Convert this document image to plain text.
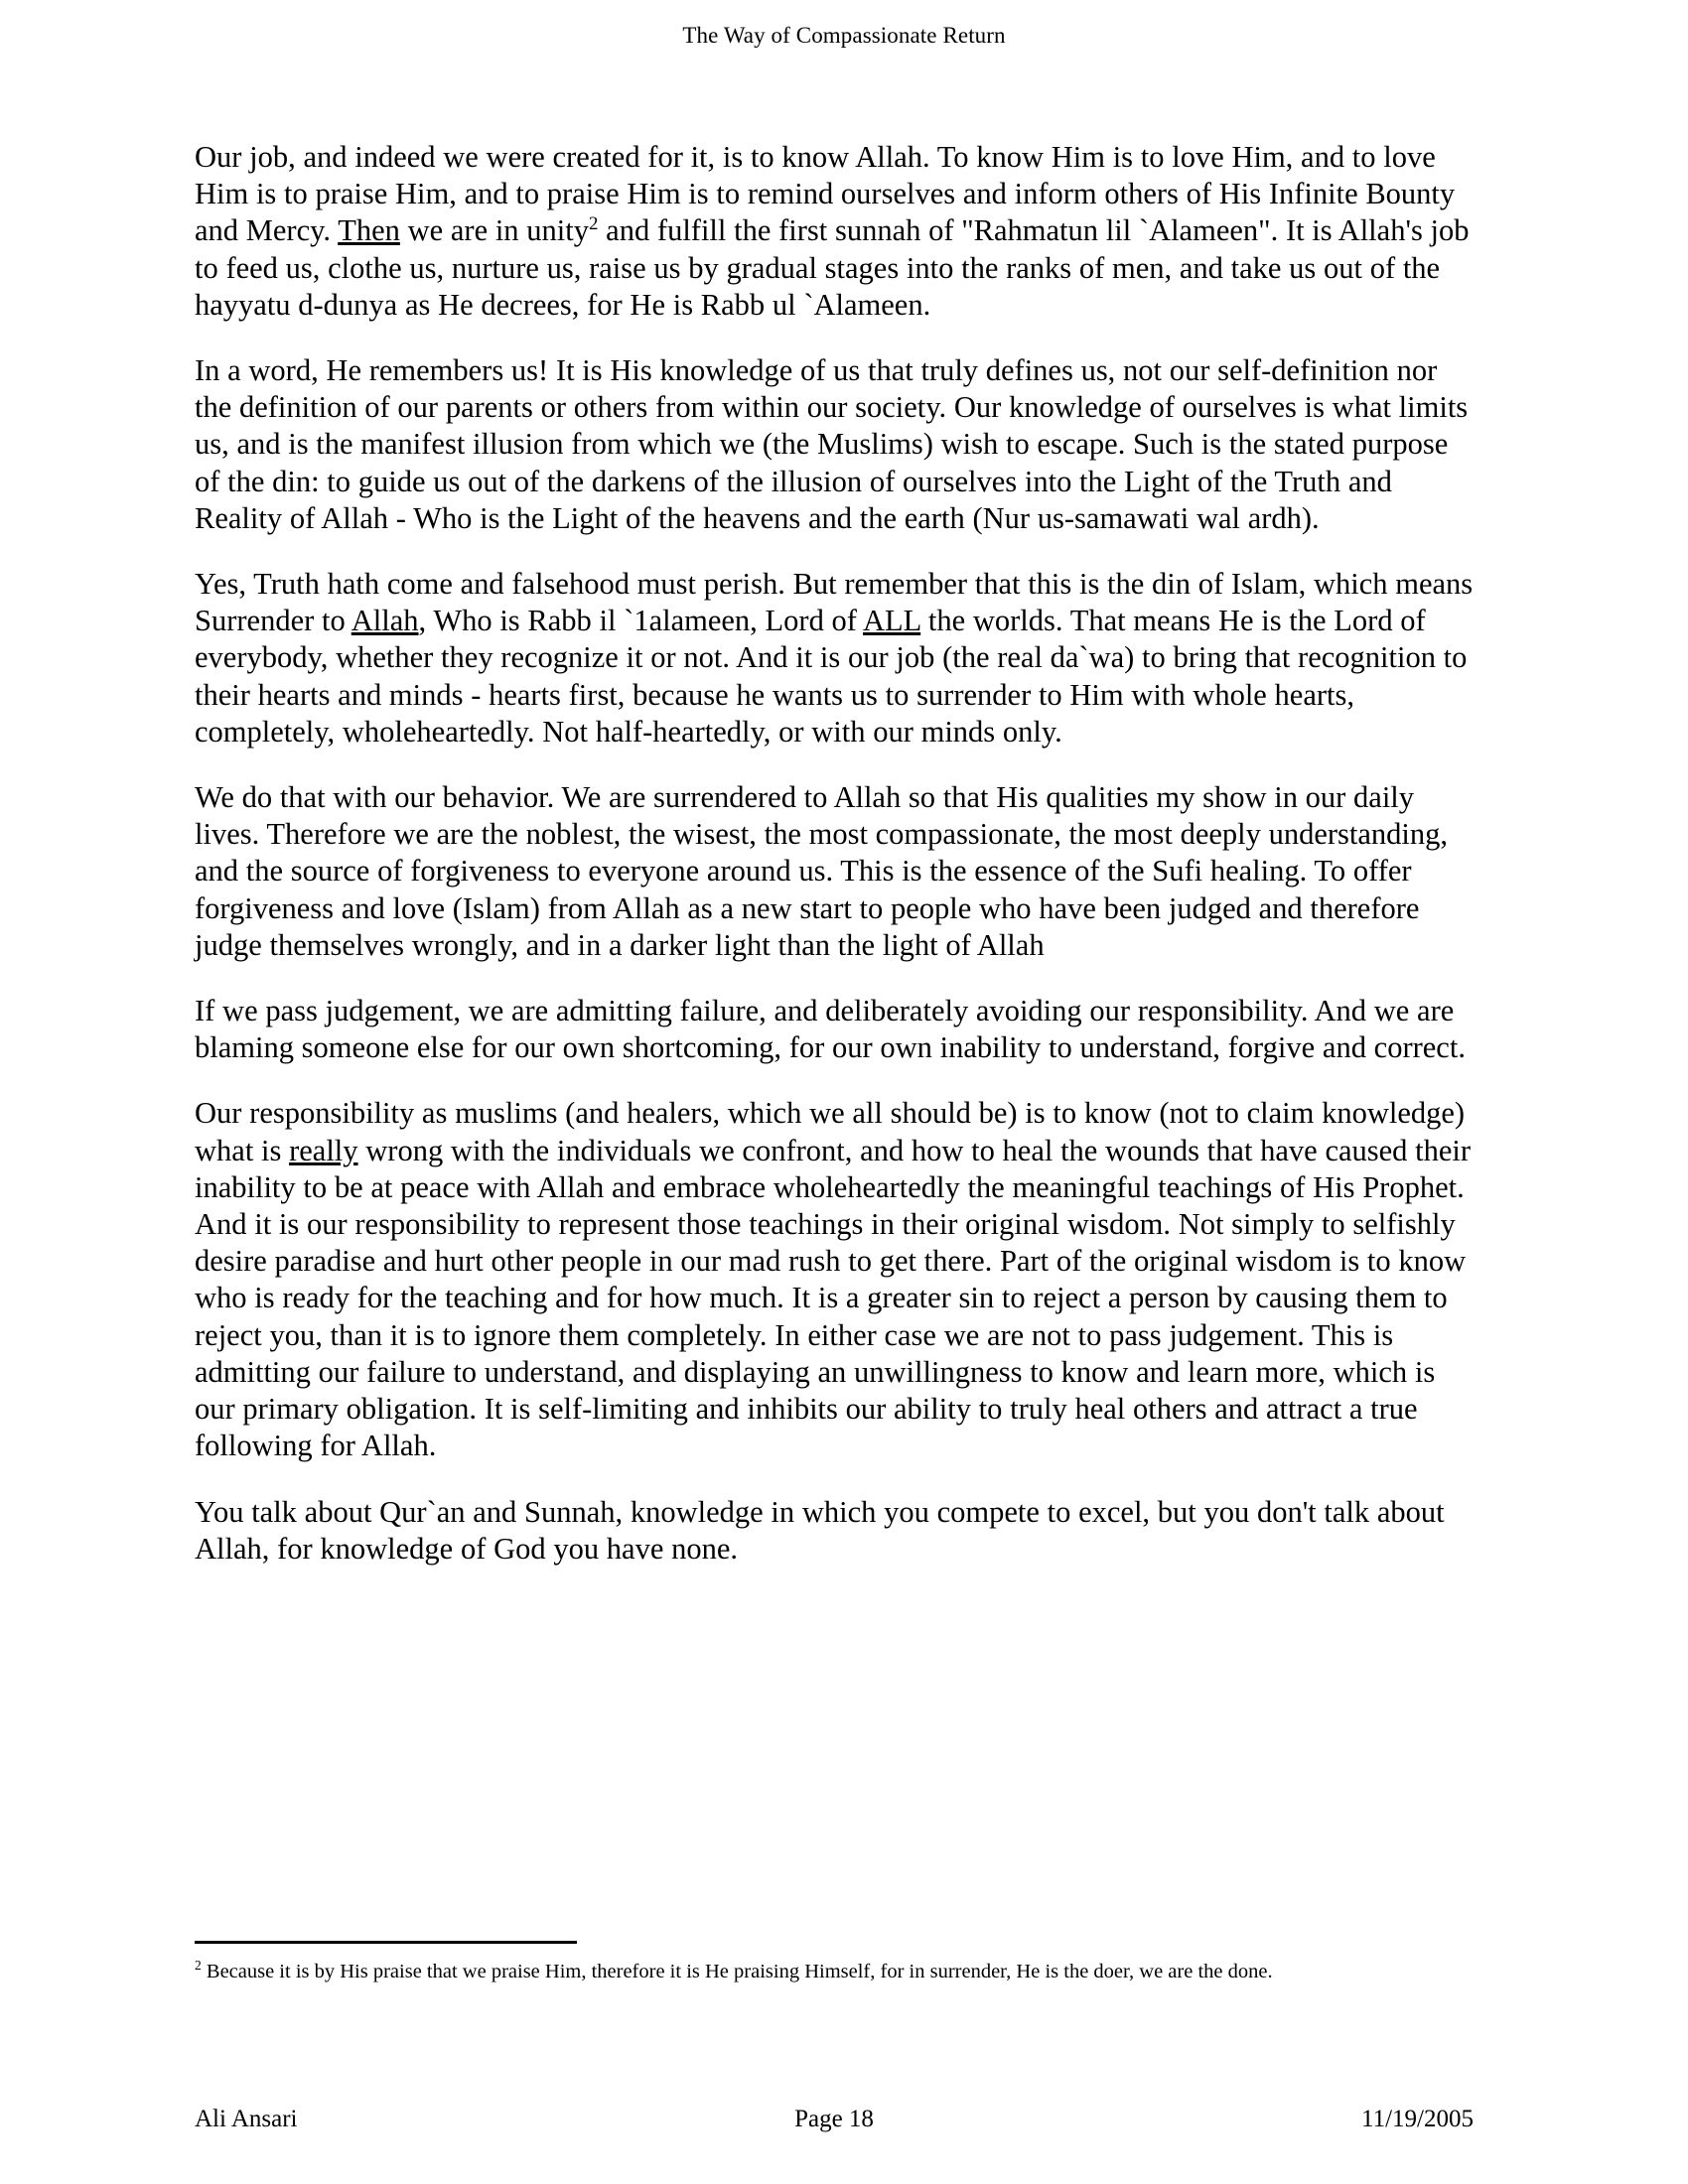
The Way of Compassionate Return

Our job, and indeed we were created for it, is to know Allah. To know Him is to love Him, and to love Him is to praise Him, and to praise Him is to remind ourselves and inform others of His Infinite Bounty and Mercy. Then we are in unity$^2$ and fulfill the first sunnah of "Rahmatun lil `Alameen". It is Allah's job to feed us, clothe us, nurture us, raise us by gradual stages into the ranks of men, and take us out of the hayyatu d-dunya as He decrees, for He is Rabb ul `Alameen.

In a word, He remembers us! It is His knowledge of us that truly defines us, not our self-definition nor the definition of our parents or others from within our society. Our knowledge of ourselves is what limits us, and is the manifest illusion from which we (the Muslims) wish to escape. Such is the stated purpose of the din: to guide us out of the darkens of the illusion of ourselves into the Light of the Truth and Reality of Allah - Who is the Light of the heavens and the earth (Nur us-samawati wal ardh).

Yes, Truth hath come and falsehood must perish. But remember that this is the din of Islam, which means Surrender to Allah, Who is Rabb il `1alameen, Lord of ALL the worlds. That means He is the Lord of everybody, whether they recognize it or not. And it is our job (the real da`wa) to bring that recognition to their hearts and minds - hearts first, because he wants us to surrender to Him with whole hearts, completely, wholeheartedly. Not half-heartedly, or with our minds only.

We do that with our behavior. We are surrendered to Allah so that His qualities my show in our daily lives. Therefore we are the noblest, the wisest, the most compassionate, the most deeply understanding, and the source of forgiveness to everyone around us. This is the essence of the Sufi healing. To offer forgiveness and love (Islam) from Allah as a new start to people who have been judged and therefore judge themselves wrongly, and in a darker light than the light of Allah

If we pass judgement, we are admitting failure, and deliberately avoiding our responsibility. And we are blaming someone else for our own shortcoming, for our own inability to understand, forgive and correct.

Our responsibility as muslims (and healers, which we all should be) is to know (not to claim knowledge) what is really wrong with the individuals we confront, and how to heal the wounds that have caused their inability to be at peace with Allah and embrace wholeheartedly the meaningful teachings of His Prophet. And it is our responsibility to represent those teachings in their original wisdom. Not simply to selfishly desire paradise and hurt other people in our mad rush to get there. Part of the original wisdom is to know who is ready for the teaching and for how much. It is a greater sin to reject a person by causing them to reject you, than it is to ignore them completely. In either case we are not to pass judgement. This is admitting our failure to understand, and displaying an unwillingness to know and learn more, which is our primary obligation. It is self-limiting and inhibits our ability to truly heal others and attract a true following for Allah.

You talk about Qur`an and Sunnah, knowledge in which you compete to excel, but you don't talk about Allah, for knowledge of God you have none.

$^2$ Because it is by His praise that we praise Him, therefore it is He praising Himself, for in surrender, He is the doer, we are the done.

Ali Ansari	Page 18	11/19/2005
